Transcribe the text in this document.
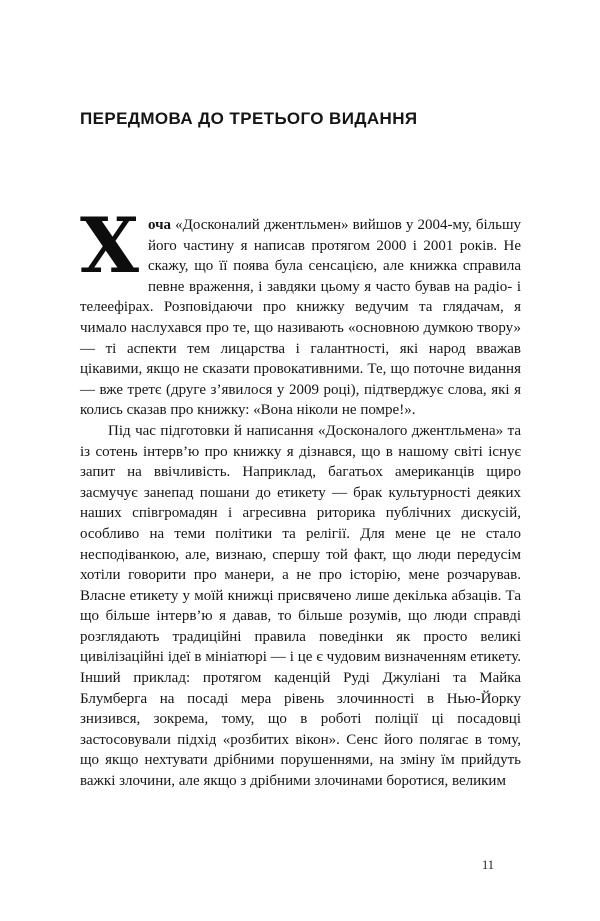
ПЕРЕДМОВА ДО ТРЕТЬОГО ВИДАННЯ

Хоча «Досконалий джентльмен» вийшов у 2004-му, більшу його частину я написав протягом 2000 і 2001 років. Не скажу, що її поява була сенсацією, але книжка справила певне враження, і завдяки цьому я часто бував на радіо- і телеефірах. Розповідаючи про книжку ведучим та глядачам, я чимало наслухався про те, що називають «основною думкою твору» — ті аспекти тем лицарства і галантності, які народ вважав цікавими, якщо не сказати провокативними. Те, що поточне видання — вже третє (друге з’явилося у 2009 році), підтверджує слова, які я колись сказав про книжку: «Вона ніколи не помре!».

Під час підготовки й написання «Досконалого джентльмена» та із сотень інтерв’ю про книжку я дізнався, що в нашому світі існує запит на ввічливість. Наприклад, багатьох американців щиро засмучує занепад пошани до етикету — брак культурності деяких наших співгромадян і агресивна риторика публічних дискусій, особливо на теми політики та релігії. Для мене це не стало несподіванкою, але, визнаю, спершу той факт, що люди передусім хотіли говорити про манери, а не про історію, мене розчарував. Власне етикету у моїй книжці присвячено лише декілька абзаців. Та що більше інтерв’ю я давав, то більше розумів, що люди справді розглядають традиційні правила поведінки як просто великі цивілізаційні ідеї в мініатюрі — і це є чудовим визначенням етикету. Інший приклад: протягом каденцій Руді Джуліані та Майка Блумберга на посаді мера рівень злочинності в Нью-Йорку знизився, зокрема, тому, що в роботі поліції ці посадовці застосовували підхід «розбитих вікон». Сенс його полягає в тому, що якщо нехтувати дрібними порушеннями, на зміну їм прийдуть важкі злочини, але якщо з дрібними злочинами боротися, великим

11
